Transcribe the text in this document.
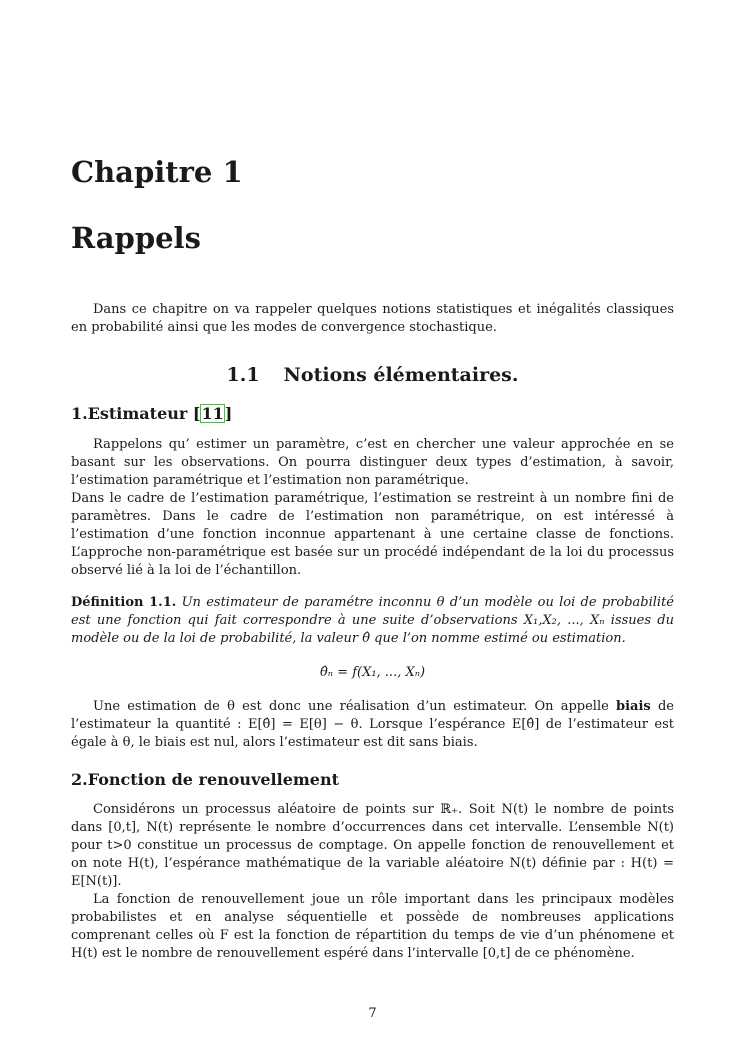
Chapitre 1
Rappels

Dans ce chapitre on va rappeler quelques notions statistiques et inégalités classiques en probabilité ainsi que les modes de convergence stochastique.

1.1 Notions élémentaires.
1.Estimateur [11]

Rappelons qu’ estimer un paramètre, c’est en chercher une valeur approchée en se basant sur les observations. On pourra distinguer deux types d’estimation, à savoir, l’estimation paramétrique et l’estimation non paramétrique.

Dans le cadre de l’estimation paramétrique, l’estimation se restreint à un nombre fini de paramètres. Dans le cadre de l’estimation non paramétrique, on est intéressé à l’estimation d’une fonction inconnue appartenant à une certaine classe de fonctions. L’approche non-paramétrique est basée sur un procédé indépendant de la loi du processus observé lié à la loi de l’échantillon.

Définition 1.1. Un estimateur de paramétre inconnu θ d’un modèle ou loi de probabilité est une fonction qui fait correspondre à une suite d’observations X₁,X₂, ..., Xₙ issues du modèle ou de la loi de probabilité, la valeur θ̂ que l’on nomme estimé ou estimation.

θ̂ₙ = f(X₁, ..., Xₙ)

Une estimation de θ est donc une réalisation d’un estimateur. On appelle biais de l’estimateur la quantité : E[θ̂] = E[θ] − θ. Lorsque l’espérance E[θ̂] de l’estimateur est égale à θ, le biais est nul, alors l’estimateur est dit sans biais.

2.Fonction de renouvellement

Considérons un processus aléatoire de points sur ℝ₊. Soit N(t) le nombre de points dans [0,t], N(t) représente le nombre d’occurrences dans cet intervalle. L’ensemble N(t) pour t>0 constitue un processus de comptage. On appelle fonction de renouvellement et on note H(t), l’espérance mathématique de la variable aléatoire N(t) définie par : H(t) = E[N(t)].

La fonction de renouvellement joue un rôle important dans les principaux modèles probabilistes et en analyse séquentielle et possède de nombreuses applications comprenant celles où F est la fonction de répartition du temps de vie d’un phénomene et H(t) est le nombre de renouvellement espéré dans l’intervalle [0,t] de ce phénomène.

7
